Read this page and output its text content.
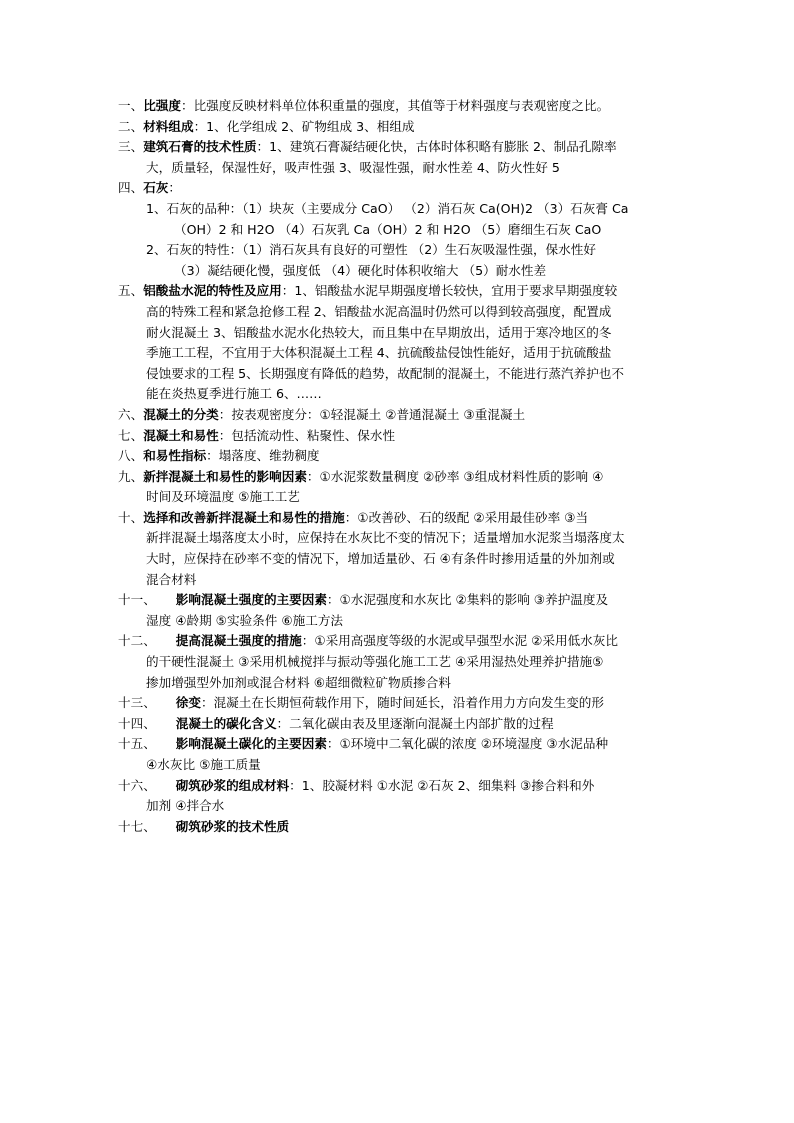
一、比强度：比强度反映材料单位体积重量的强度，其值等于材料强度与表观密度之比。
二、材料组成：1、化学组成 2、矿物组成 3、相组成
三、建筑石膏的技术性质：1、建筑石膏凝结硬化快，古体时体积略有膨胀 2、制品孔隙率
大，质量轻，保湿性好，吸声性强 3、吸湿性强，耐水性差 4、防火性好 5
四、石灰：
1、石灰的品种：（1）块灰（主要成分 CaO） （2）消石灰 Ca(OH)2 （3）石灰膏 Ca
（OH）2 和 H2O （4）石灰乳 Ca（OH）2 和 H2O （5）磨细生石灰 CaO
2、石灰的特性：（1）消石灰具有良好的可塑性 （2）生石灰吸湿性强，保水性好
（3）凝结硬化慢，强度低 （4）硬化时体积收缩大 （5）耐水性差
五、铝酸盐水泥的特性及应用：1、铝酸盐水泥早期强度增长较快，宜用于要求早期强度较
高的特殊工程和紧急抢修工程 2、铝酸盐水泥高温时仍然可以得到较高强度，配置成
耐火混凝土 3、铝酸盐水泥水化热较大，而且集中在早期放出，适用于寒冷地区的冬
季施工工程，不宜用于大体积混凝土工程 4、抗硫酸盐侵蚀性能好，适用于抗硫酸盐
侵蚀要求的工程 5、长期强度有降低的趋势，故配制的混凝土，不能进行蒸汽养护也不
能在炎热夏季进行施工 6、……
六、混凝土的分类：按表观密度分：①轻混凝土 ②普通混凝土 ③重混凝土
七、混凝土和易性：包括流动性、粘聚性、保水性
八、和易性指标：塌落度、维勃稠度
九、新拌混凝土和易性的影响因素：①水泥浆数量稠度 ②砂率 ③组成材料性质的影响 ④
时间及环境温度 ⑤施工工艺
十、选择和改善新拌混凝土和易性的措施：①改善砂、石的级配 ②采用最佳砂率 ③当
新拌混凝土塌落度太小时，应保持在水灰比不变的情况下；适量增加水泥浆当塌落度太
大时，应保持在砂率不变的情况下，增加适量砂、石 ④有条件时掺用适量的外加剂或
混合材料
十一、 影响混凝土强度的主要因素：①水泥强度和水灰比 ②集料的影响 ③养护温度及
湿度 ④龄期 ⑤实验条件 ⑥施工方法
十二、 提高混凝土强度的措施：①采用高强度等级的水泥或早强型水泥 ②采用低水灰比
的干硬性混凝土 ③采用机械搅拌与振动等强化施工工艺 ④采用湿热处理养护措施⑤
掺加增强型外加剂或混合材料 ⑥超细微粒矿物质掺合料
十三、 徐变：混凝土在长期恒荷载作用下，随时间延长，沿着作用力方向发生变的形
十四、 混凝土的碳化含义：二氧化碳由表及里逐渐向混凝土内部扩散的过程
十五、 影响混凝土碳化的主要因素：①环境中二氧化碳的浓度 ②环境湿度 ③水泥品种
④水灰比 ⑤施工质量
十六、 砌筑砂浆的组成材料：1、胶凝材料 ①水泥 ②石灰 2、细集料 ③掺合料和外
加剂 ④拌合水
十七、 砌筑砂浆的技术性质
